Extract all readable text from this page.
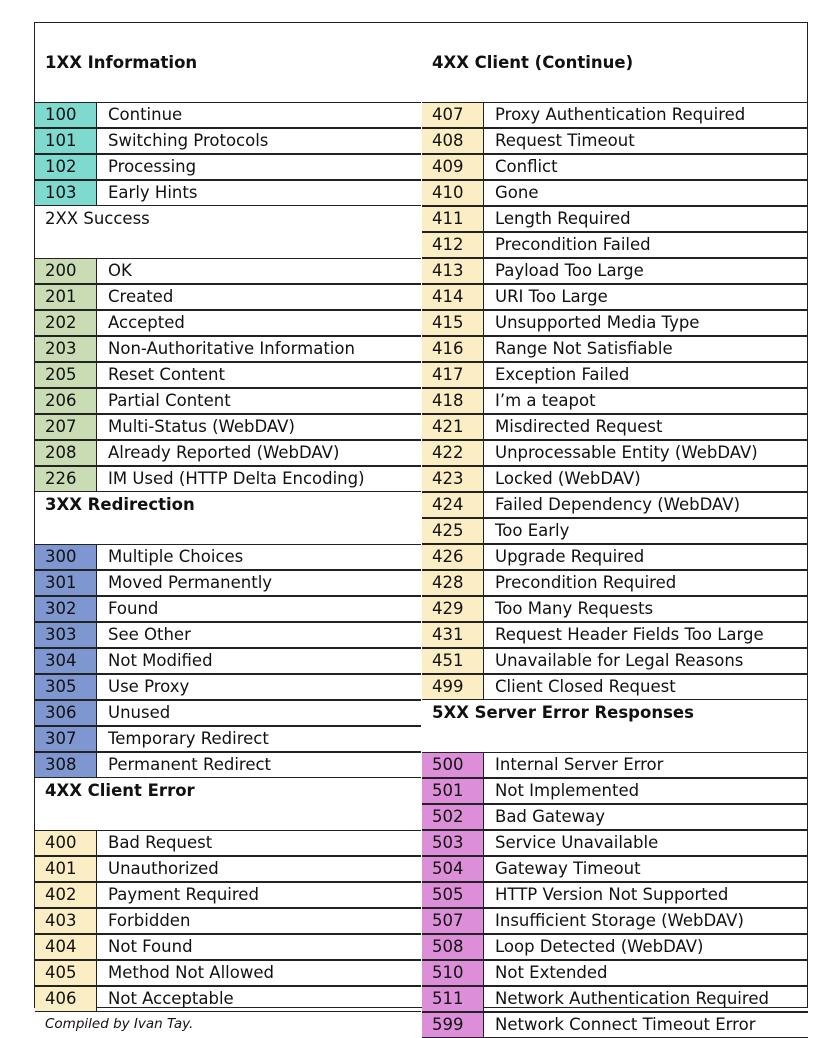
1XX Information
100	Continue
101	Switching Protocols
102	Processing
103	Early Hints
2XX Success
200	OK
201	Created
202	Accepted
203	Non-Authoritative Information
205	Reset Content
206	Partial Content
207	Multi-Status (WebDAV)
208	Already Reported (WebDAV)
226	IM Used (HTTP Delta Encoding)
3XX Redirection
300	Multiple Choices
301	Moved Permanently
302	Found
303	See Other
304	Not Modified
305	Use Proxy
306	Unused
307	Temporary Redirect
308	Permanent Redirect
4XX Client Error
400	Bad Request
401	Unauthorized
402	Payment Required
403	Forbidden
404	Not Found
405	Method Not Allowed
406	Not Acceptable
Compiled by Ivan Tay.
4XX Client (Continue)
407	Proxy Authentication Required
408	Request Timeout
409	Conflict
410	Gone
411	Length Required
412	Precondition Failed
413	Payload Too Large
414	URI Too Large
415	Unsupported Media Type
416	Range Not Satisfiable
417	Exception Failed
418	I’m a teapot
421	Misdirected Request
422	Unprocessable Entity (WebDAV)
423	Locked (WebDAV)
424	Failed Dependency (WebDAV)
425	Too Early
426	Upgrade Required
428	Precondition Required
429	Too Many Requests
431	Request Header Fields Too Large
451	Unavailable for Legal Reasons
499	Client Closed Request
5XX Server Error Responses
500	Internal Server Error
501	Not Implemented
502	Bad Gateway
503	Service Unavailable
504	Gateway Timeout
505	HTTP Version Not Supported
507	Insufficient Storage (WebDAV)
508	Loop Detected (WebDAV)
510	Not Extended
511	Network Authentication Required
599	Network Connect Timeout Error
